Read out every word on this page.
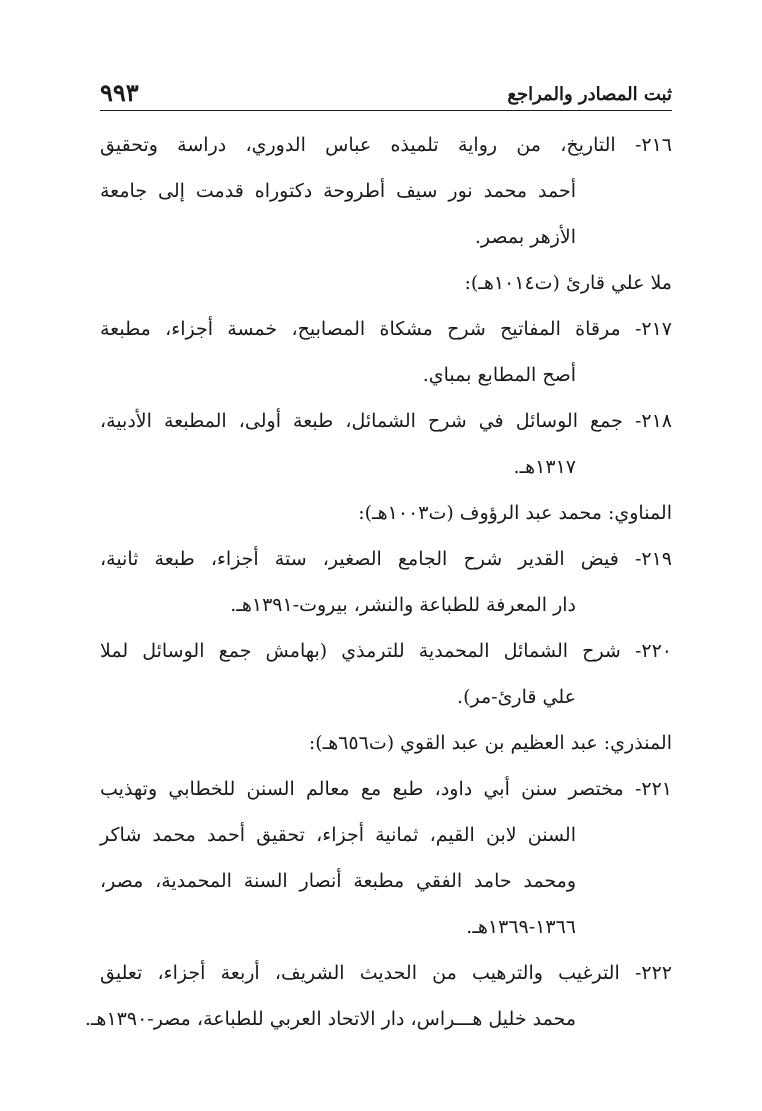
٩٩٣	ثبت المصادر والمراجع
٢١٦- التاريخ، من رواية تلميذه عباس الدوري، دراسة وتحقيق
أحمد محمد نور سيف أطروحة دكتوراه قدمت إلى جامعة
الأزهر بمصر.
ملا علي قارئ (ت١٠١٤هـ):
٢١٧- مرقاة المفاتيح شرح مشكاة المصابيح، خمسة أجزاء، مطبعة
أصح المطابع بمباي.
٢١٨- جمع الوسائل في شرح الشمائل، طبعة أولى، المطبعة الأدبية،
١٣١٧هـ.
المناوي: محمد عبد الرؤوف (ت١٠٠٣هـ):
٢١٩- فيض القدير شرح الجامع الصغير، ستة أجزاء، طبعة ثانية،
دار المعرفة للطباعة والنشر، بيروت-١٣٩١هـ.
٢٢٠- شرح الشمائل المحمدية للترمذي (بهامش جمع الوسائل لملا
علي قارئ-مر).
المنذري: عبد العظيم بن عبد القوي (ت٦٥٦هـ):
٢٢١- مختصر سنن أبي داود، طبع مع معالم السنن للخطابي وتهذيب
السنن لابن القيم، ثمانية أجزاء، تحقيق أحمد محمد شاكر
ومحمد حامد الفقي مطبعة أنصار السنة المحمدية، مصر،
١٣٦٦-١٣٦٩هـ.
٢٢٢- الترغيب والترهيب من الحديث الشريف، أربعة أجزاء، تعليق
محمد خليل هـــراس، دار الاتحاد العربي للطباعة، مصر-١٣٩٠هـ.
